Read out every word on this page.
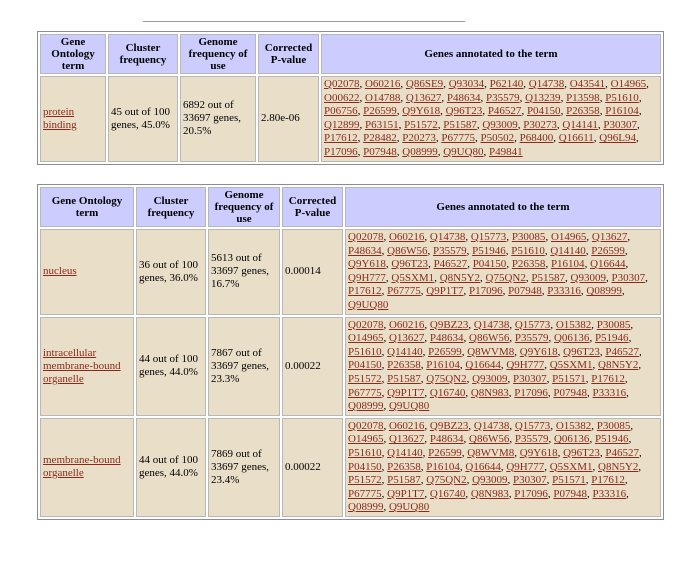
Gene Ontology term	Cluster frequency	Genome frequency of use	Corrected P-value	Genes annotated to the term
protein binding	45 out of 100 genes, 45.0%	6892 out of 33697 genes, 20.5%	2.80e-06	Q02078, O60216, Q86SE9, Q93034, P62140, Q14738, O43541, O14965, O00622, O14788, Q13627, P48634, P35579, Q13239, P13598, P51610, P06756, P26599, Q9Y618, Q96T23, P46527, P04150, P26358, P16104, Q12899, P63151, P51572, P51587, Q93009, P30273, Q14141, P30307, P17612, P28482, P20273, P67775, P50502, P68400, Q16611, Q96L94, P17096, P07948, Q08999, Q9UQ80, P49841
Gene Ontology term	Cluster frequency	Genome frequency of use	Corrected P-value	Genes annotated to the term
nucleus	36 out of 100 genes, 36.0%	5613 out of 33697 genes, 16.7%	0.00014	Q02078, O60216, Q14738, Q15773, P30085, O14965, Q13627, P48634, Q86W56, P35579, P51946, P51610, Q14140, P26599, Q9Y618, Q96T23, P46527, P04150, P26358, P16104, Q16644, Q9H777, Q5SXM1, Q8N5Y2, Q75QN2, P51587, Q93009, P30307, P17612, P67775, Q9P1T7, P17096, P07948, P33316, Q08999, Q9UQ80
intracellular membrane-bound organelle	44 out of 100 genes, 44.0%	7867 out of 33697 genes, 23.3%	0.00022	Q02078, O60216, Q9BZ23, Q14738, Q15773, O15382, P30085, O14965, Q13627, P48634, Q86W56, P35579, Q06136, P51946, P51610, Q14140, P26599, Q8WVM8, Q9Y618, Q96T23, P46527, P04150, P26358, P16104, Q16644, Q9H777, Q5SXM1, Q8N5Y2, P51572, P51587, Q75QN2, Q93009, P30307, P51571, P17612, P67775, Q9P1T7, Q16740, Q8N983, P17096, P07948, P33316, Q08999, Q9UQ80
membrane-bound organelle	44 out of 100 genes, 44.0%	7869 out of 33697 genes, 23.4%	0.00022	Q02078, O60216, Q9BZ23, Q14738, Q15773, O15382, P30085, O14965, Q13627, P48634, Q86W56, P35579, Q06136, P51946, P51610, Q14140, P26599, Q8WVM8, Q9Y618, Q96T23, P46527, P04150, P26358, P16104, Q16644, Q9H777, Q5SXM1, Q8N5Y2, P51572, P51587, Q75QN2, Q93009, P30307, P51571, P17612, P67775, Q9P1T7, Q16740, Q8N983, P17096, P07948, P33316, Q08999, Q9UQ80
